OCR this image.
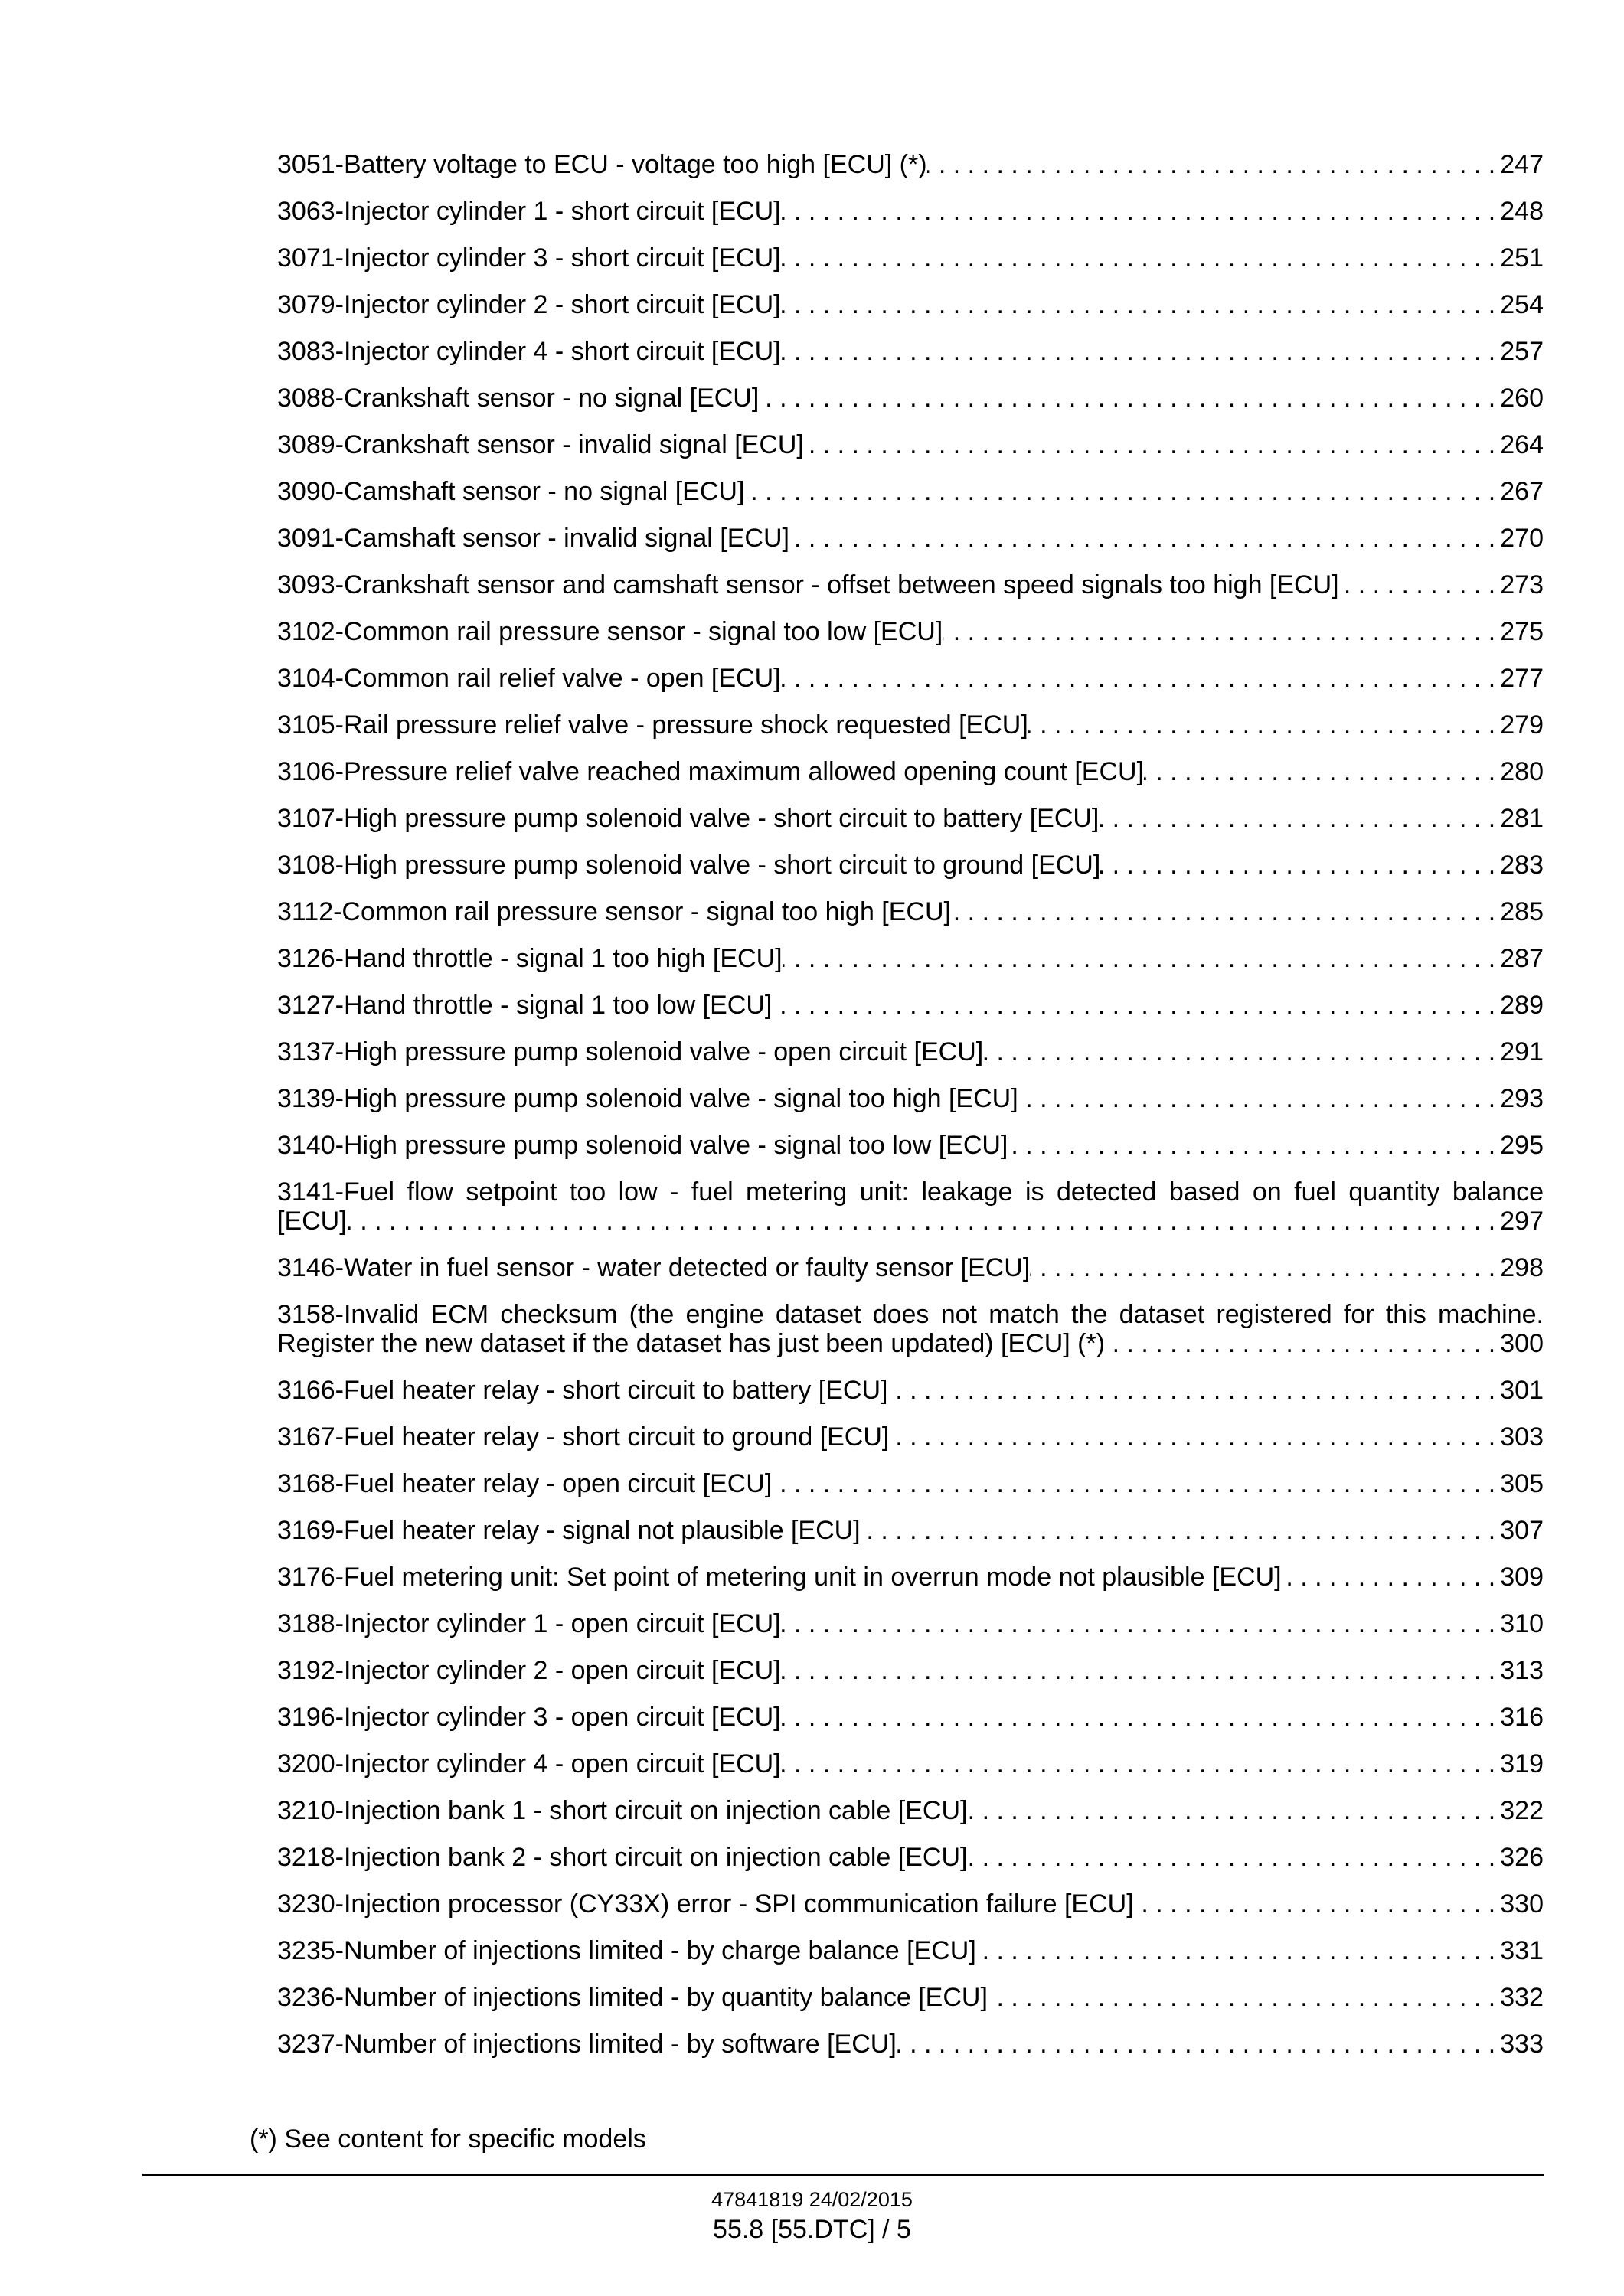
3051-Battery voltage to ECU - voltage too high [ECU] (*) . . .	247
3063-Injector cylinder 1 - short circuit [ECU] . . .	248
3071-Injector cylinder 3 - short circuit [ECU] . . .	251
3079-Injector cylinder 2 - short circuit [ECU] . . .	254
3083-Injector cylinder 4 - short circuit [ECU] . . .	257
3088-Crankshaft sensor - no signal [ECU] . . .	260
3089-Crankshaft sensor - invalid signal [ECU] . . .	264
3090-Camshaft sensor - no signal [ECU] . . .	267
3091-Camshaft sensor - invalid signal [ECU] . . .	270
3093-Crankshaft sensor and camshaft sensor - offset between speed signals too high [ECU] . . .	273
3102-Common rail pressure sensor - signal too low [ECU] . . .	275
3104-Common rail relief valve - open [ECU] . . .	277
3105-Rail pressure relief valve - pressure shock requested [ECU] . . .	279
3106-Pressure relief valve reached maximum allowed opening count [ECU] . . .	280
3107-High pressure pump solenoid valve - short circuit to battery [ECU] . . .	281
3108-High pressure pump solenoid valve - short circuit to ground [ECU] . . .	283
3112-Common rail pressure sensor - signal too high [ECU] . . .	285
3126-Hand throttle - signal 1 too high [ECU] . . .	287
3127-Hand throttle - signal 1 too low [ECU] . . .	289
3137-High pressure pump solenoid valve - open circuit [ECU] . . .	291
3139-High pressure pump solenoid valve - signal too high [ECU] . . .	293
3140-High pressure pump solenoid valve - signal too low [ECU] . . .	295
3141-Fuel flow setpoint too low - fuel metering unit: leakage is detected based on fuel quantity balance
[ECU] . . .	297
3146-Water in fuel sensor - water detected or faulty sensor [ECU] . . .	298
3158-Invalid ECM checksum (the engine dataset does not match the dataset registered for this machine.
Register the new dataset if the dataset has just been updated) [ECU] (*) . . .	300
3166-Fuel heater relay - short circuit to battery [ECU] . . .	301
3167-Fuel heater relay - short circuit to ground [ECU] . . .	303
3168-Fuel heater relay - open circuit [ECU] . . .	305
3169-Fuel heater relay - signal not plausible [ECU] . . .	307
3176-Fuel metering unit: Set point of metering unit in overrun mode not plausible [ECU] . . .	309
3188-Injector cylinder 1 - open circuit [ECU] . . .	310
3192-Injector cylinder 2 - open circuit [ECU] . . .	313
3196-Injector cylinder 3 - open circuit [ECU] . . .	316
3200-Injector cylinder 4 - open circuit [ECU] . . .	319
3210-Injection bank 1 - short circuit on injection cable [ECU] . . .	322
3218-Injection bank 2 - short circuit on injection cable [ECU] . . .	326
3230-Injection processor (CY33X) error - SPI communication failure [ECU] . . .	330
3235-Number of injections limited - by charge balance [ECU] . . .	331
3236-Number of injections limited - by quantity balance [ECU] . . .	332
3237-Number of injections limited - by software [ECU] . . .	333
(*) See content for specific models
47841819 24/02/2015
55.8 [55.DTC] / 5
